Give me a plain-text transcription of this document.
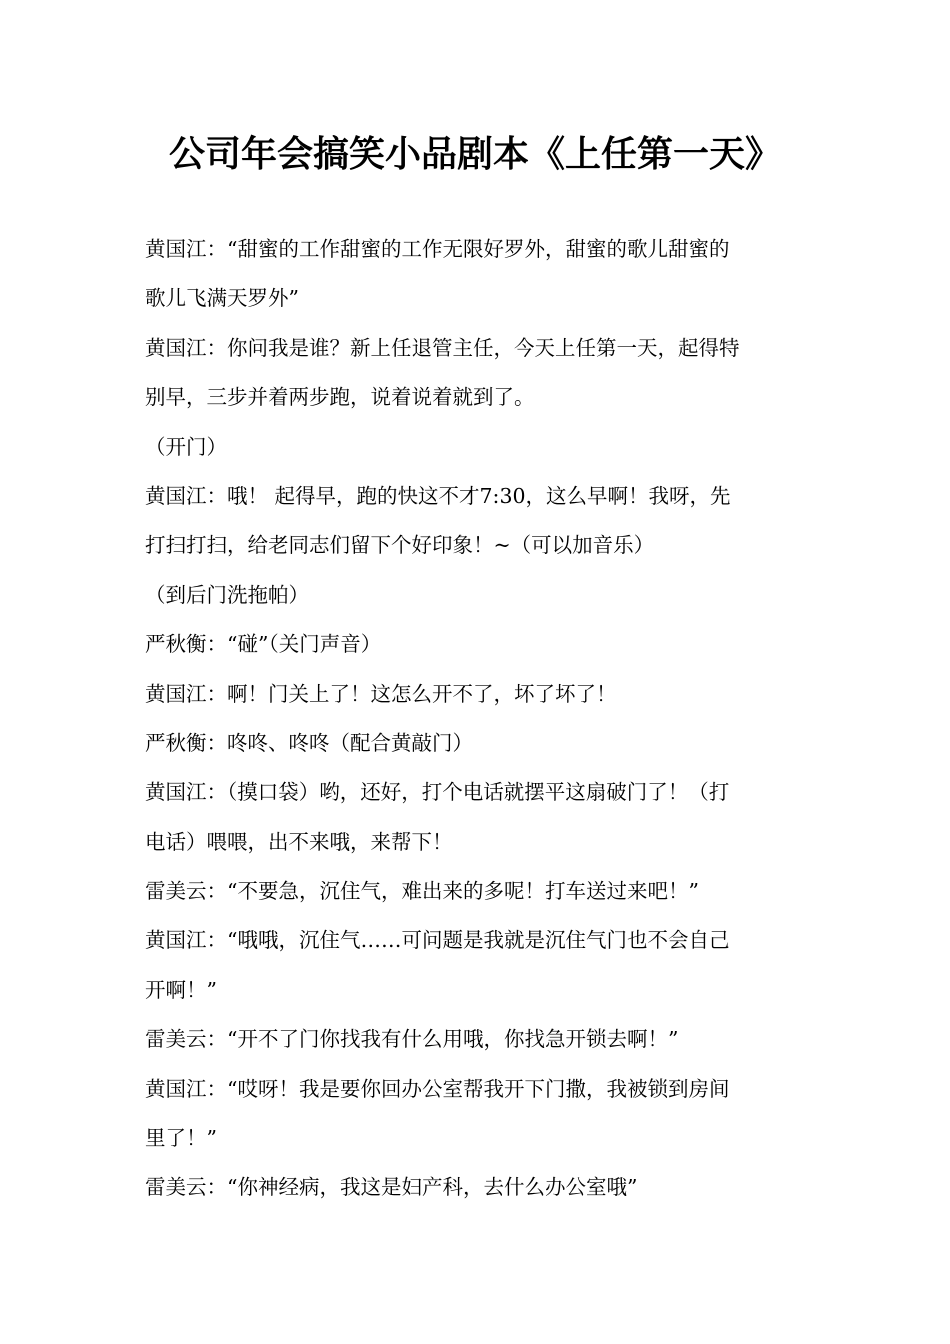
公司年会搞笑小品剧本《上任第一天》
黄国江：“甜蜜的工作甜蜜的工作无限好罗外，甜蜜的歌儿甜蜜的
歌儿飞满天罗外”
黄国江：你问我是谁？新上任退管主任，今天上任第一天，起得特
别早，三步并着两步跑，说着说着就到了。
（开门）
黄国江：哦！ 起得早，跑的快这不才7:30，这么早啊！我呀，先
打扫打扫，给老同志们留下个好印象！~（可以加音乐）
（到后门洗拖帕）
严秋衡：“碰”（关门声音）
黄国江：啊！门关上了！这怎么开不了，坏了坏了！
严秋衡：咚咚、咚咚（配合黄敲门）
黄国江：（摸口袋）哟，还好，打个电话就摆平这扇破门了！（打
电话）喂喂，出不来哦，来帮下！
雷美云：“不要急，沉住气，难出来的多呢！打车送过来吧！”
黄国江：“哦哦，沉住气……可问题是我就是沉住气门也不会自己
开啊！”
雷美云：“开不了门你找我有什么用哦，你找急开锁去啊！”
黄国江：“哎呀！我是要你回办公室帮我开下门撒，我被锁到房间
里了！”
雷美云：“你神经病，我这是妇产科，去什么办公室哦”
